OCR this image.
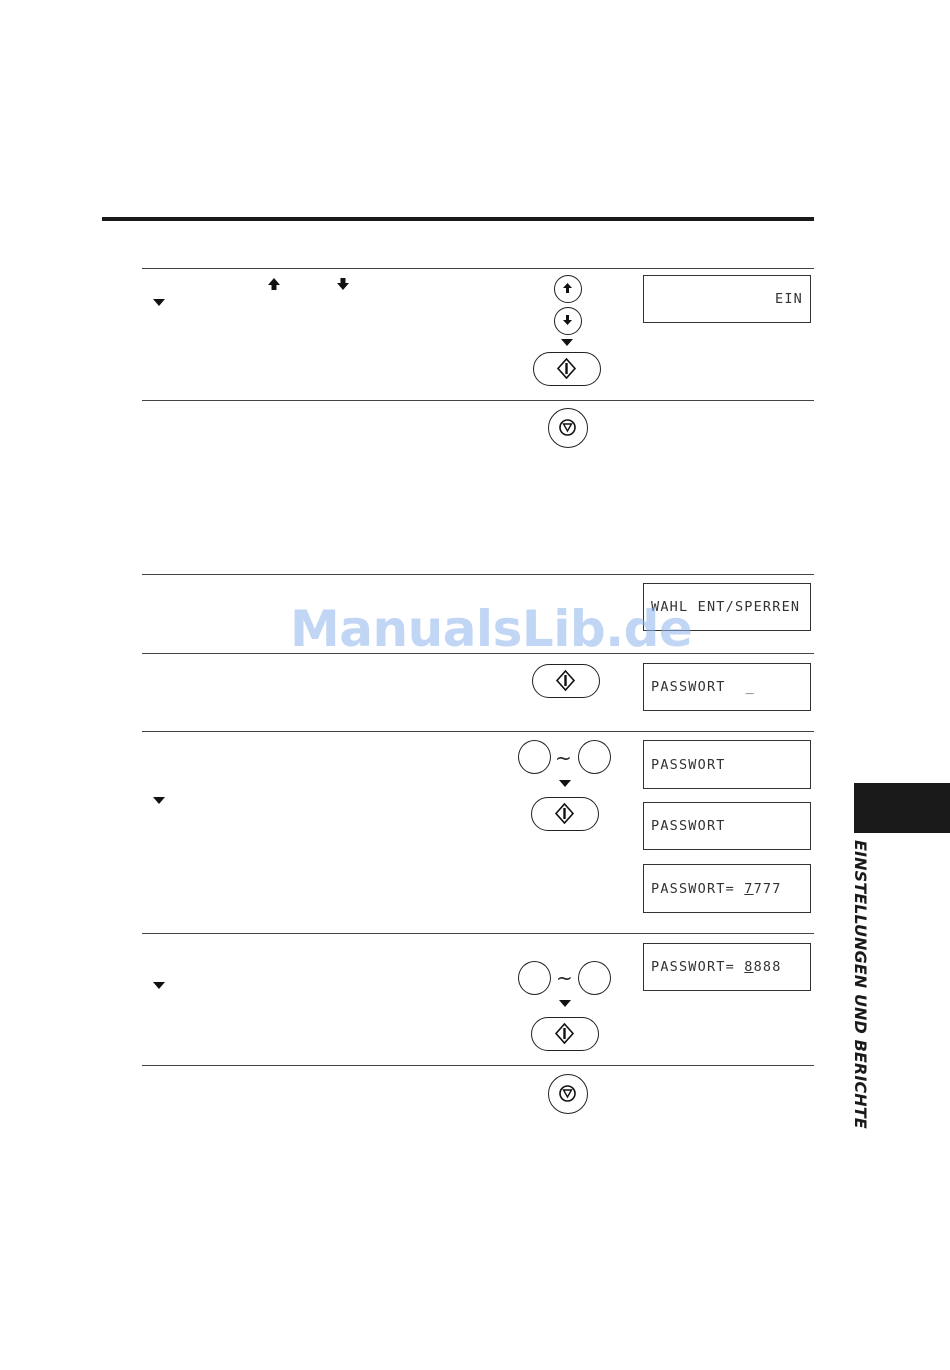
EIN
WAHL ENT/SPERREN
PASSWORT _
~	PASSWORT
PASSWORT
PASSWORT= 7 777
~	PASSWORT= 8 888
ManualsLib.de
EINSTELLUNGEN UND BERICHTE
